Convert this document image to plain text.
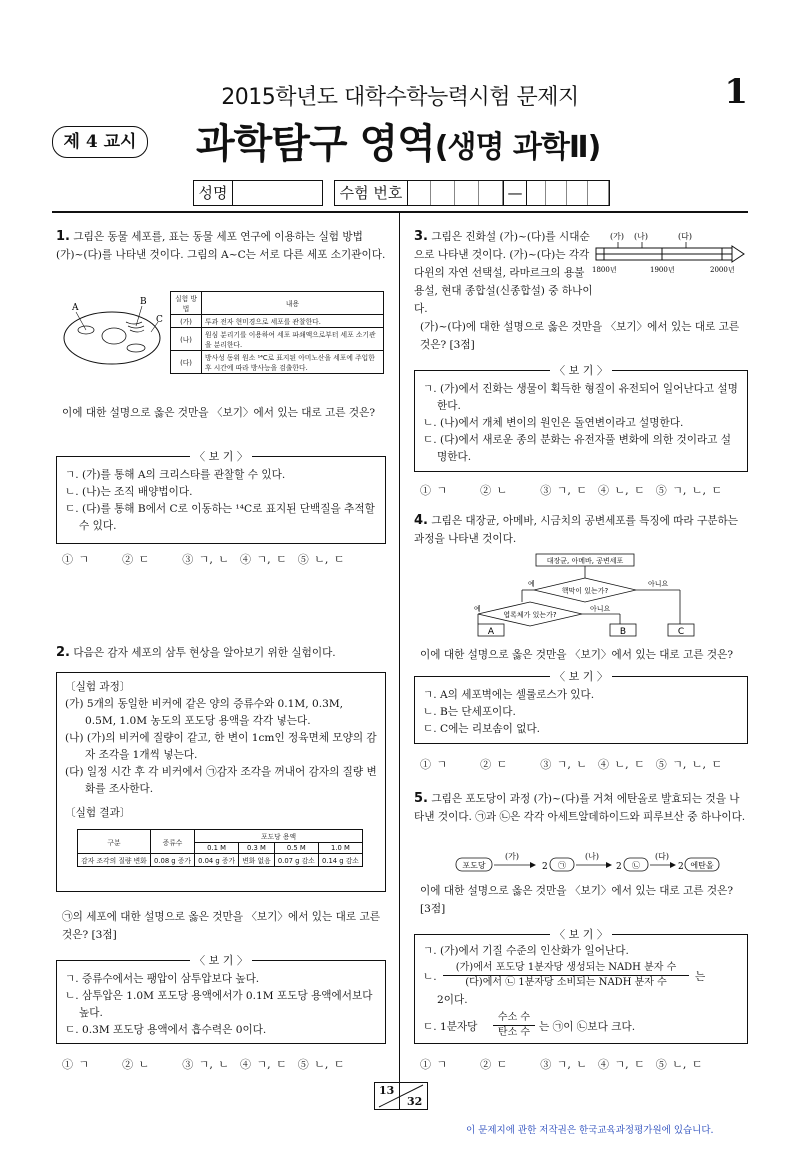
2015학년도 대학수학능력시험 문제지	1
제 4 교시 과학탐구 영역(생명 과학Ⅱ)
성명	수험 번호	—
1. 그림은 동물 세포를, 표는 동물 세포 연구에 이용하는 실험 방법 (가)~(다)를 나타낸 것이다. 그림의 A~C는 서로 다른 세포 소기관이다.
A
B
C
실험 방법	내용
(가)	투과 전자 현미경으로 세포를 관찰한다.
(나)	원심 분리기를 이용하여 세포 파쇄액으로부터 세포 소기관을 분리한다.
(다)	방사성 동위 원소 ¹⁴C로 표지된 아미노산을 세포에 주입한 후 시간에 따라 방사능을 검출한다.
이에 대한 설명으로 옳은 것만을 〈보기〉에서 있는 대로 고른 것은?
〈 보 기 〉
ㄱ. (가)를 통해 A의 크리스타를 관찰할 수 있다.
ㄴ. (나)는 조직 배양법이다.
ㄷ. (다)를 통해 B에서 C로 이동하는 ¹⁴C로 표지된 단백질을 추적할 수 있다.
① ㄱ　　　② ㄷ　　　③ ㄱ, ㄴ　④ ㄱ, ㄷ　⑤ ㄴ, ㄷ
2. 다음은 감자 세포의 삼투 현상을 알아보기 위한 실험이다.
〔실험 과정〕
(가) 5개의 동일한 비커에 같은 양의 증류수와 0.1M, 0.3M, 0.5M, 1.0M 농도의 포도당 용액을 각각 넣는다.
(나) (가)의 비커에 질량이 같고, 한 변이 1cm인 정육면체 모양의 감자 조각을 1개씩 넣는다.
(다) 일정 시간 후 각 비커에서 ㉠감자 조각을 꺼내어 감자의 질량 변화를 조사한다.
〔실험 결과〕
구분	증류수	포도당 용액			
		0.1 M	0.3 M	0.5 M	1.0 M
감자 조각의 질량 변화	0.08 g 증가	0.04 g 증가	변화 없음	0.07 g 감소	0.14 g 감소
㉠의 세포에 대한 설명으로 옳은 것만을 〈보기〉에서 있는 대로 고른 것은? [3점]
〈 보 기 〉
ㄱ. 증류수에서는 팽압이 삼투압보다 높다.
ㄴ. 삼투압은 1.0M 포도당 용액에서가 0.1M 포도당 용액에서보다 높다.
ㄷ. 0.3M 포도당 용액에서 흡수력은 0이다.
① ㄱ　　　② ㄴ　　　③ ㄱ, ㄴ　④ ㄱ, ㄷ　⑤ ㄴ, ㄷ
3. 그림은 진화설 (가)~(다)를 시대순으로 나타낸 것이다. (가)~(다)는 각각 다윈의 자연 선택설, 라마르크의 용불용설, 현대 종합설(신종합설) 중 하나이다.
(가) (나)	(다)
1800년	1900년	2000년
(가)~(다)에 대한 설명으로 옳은 것만을 〈보기〉에서 있는 대로 고른 것은? [3점]
〈 보 기 〉
ㄱ. (가)에서 진화는 생물이 획득한 형질이 유전되어 일어난다고 설명한다.
ㄴ. (나)에서 개체 변이의 원인은 돌연변이라고 설명한다.
ㄷ. (다)에서 새로운 종의 분화는 유전자풀 변화에 의한 것이라고 설명한다.
① ㄱ　　　② ㄴ　　　③ ㄱ, ㄷ　④ ㄴ, ㄷ　⑤ ㄱ, ㄴ, ㄷ
4. 그림은 대장균, 아메바, 시금치의 공변세포를 특징에 따라 구분하는 과정을 나타낸 것이다.
대장균, 아메바, 공변세포
핵막이 있는가?
예	아니요
엽록체가 있는가?
예	아니요
A	B	C
이에 대한 설명으로 옳은 것만을 〈보기〉에서 있는 대로 고른 것은?
〈 보 기 〉
ㄱ. A의 세포벽에는 셀룰로스가 있다.
ㄴ. B는 단세포이다.
ㄷ. C에는 리보솜이 없다.
① ㄱ　　　② ㄷ　　　③ ㄱ, ㄴ　④ ㄴ, ㄷ　⑤ ㄱ, ㄴ, ㄷ
5. 그림은 포도당이 과정 (가)~(다)를 거쳐 에탄올로 발효되는 것을 나타낸 것이다. ㉠과 ㉡은 각각 아세트알데하이드와 피루브산 중 하나이다.
포도당
(가)
2 ㉠
(나)
2 ㉡
(다)
2 에탄올
이에 대한 설명으로 옳은 것만을 〈보기〉에서 있는 대로 고른 것은? [3점]
〈 보 기 〉
ㄱ. (가)에서 기질 수준의 인산화가 일어난다.
ㄴ.
(가)에서 포도당 1분자당 생성되는 NADH 분자 수
(다)에서 ㉡ 1분자당 소비되는 NADH 분자 수	는
2이다.
ㄷ. 1분자당
수소 수
탄소 수 는 ㉠이 ㉡보다 크다.
① ㄱ　　　② ㄷ　　　③ ㄱ, ㄴ　④ ㄱ, ㄷ　⑤ ㄴ, ㄷ
13
32
이 문제지에 관한 저작권은 한국교육과정평가원에 있습니다.
